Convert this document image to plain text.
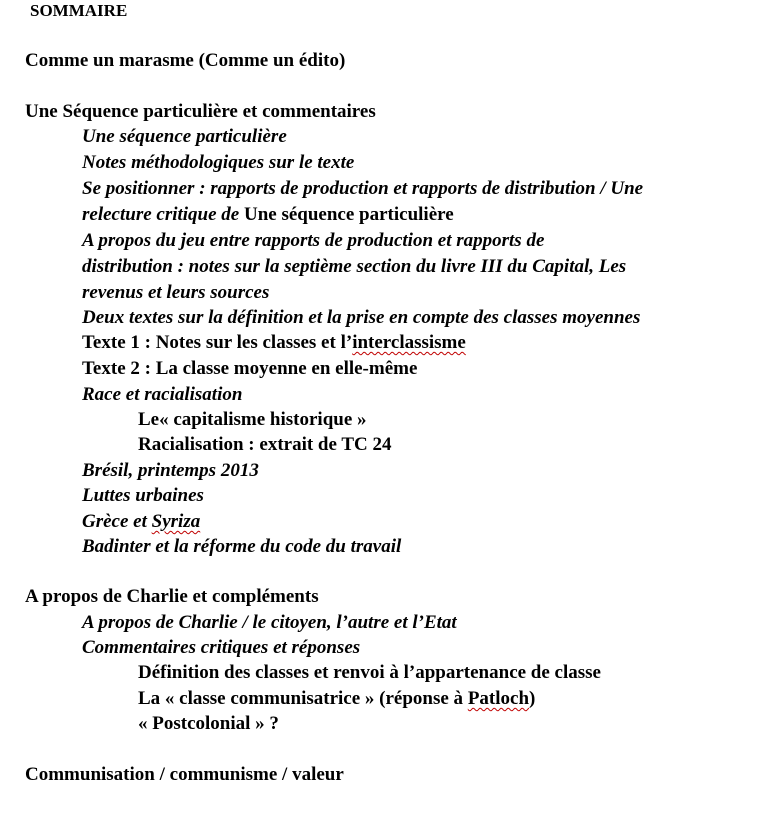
SOMMAIRE
Comme un marasme (Comme un édito)
Une Séquence particulière et commentaires
Une séquence particulière
Notes méthodologiques sur le texte
Se positionner : rapports de production et rapports de distribution / Une
relecture critique de Une séquence particulière
A propos du jeu entre rapports de production et rapports de
distribution : notes sur la septième section du livre III du Capital, Les
revenus et leurs sources
Deux textes sur la définition et la prise en compte des classes moyennes
Texte 1 : Notes sur les classes et l’interclassisme
Texte 2 : La classe moyenne en elle-même
Race et racialisation
Le« capitalisme historique »
Racialisation : extrait de TC 24
Brésil, printemps 2013
Luttes urbaines
Grèce et Syriza
Badinter et la réforme du code du travail
A propos de Charlie et compléments
A propos de Charlie / le citoyen, l’autre et l’Etat
Commentaires critiques et réponses
Définition des classes et renvoi à l’appartenance de classe
La « classe communisatrice » (réponse à Patloch)
« Postcolonial » ?
Communisation / communisme / valeur
